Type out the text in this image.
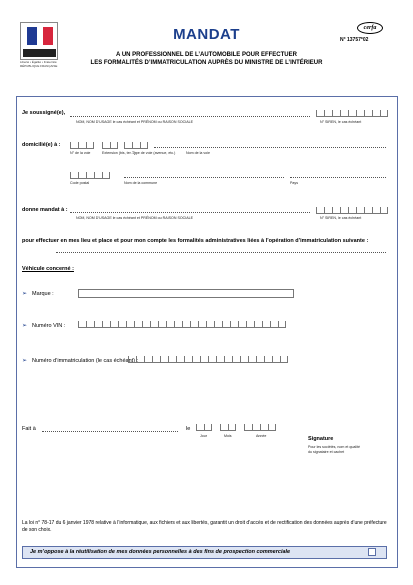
Liberté • Égalité • Fraternité RÉPUBLIQUE FRANÇAISE
MANDAT
A UN PROFESSIONNEL DE L’AUTOMOBILE POUR EFFECTUER
LES FORMALITÉS D’IMMATRICULATION AUPRÈS DU MINISTRE DE L’INTÉRIEUR
cerfa
N° 13757*02
Je soussigné(e),
NOM, NOM D’USAGE le cas échéant et PRÉNOM ou RAISON SOCIALE	N° SIREN, le cas échéant
domicilié(e) à :
N° de la voie	Extension (bis, ter…)
Type de voie (avenue, etc.)	Nom de la voie
Code postal	Nom de la commune	Pays
donne mandat à :
NOM, NOM D’USAGE le cas échéant et PRÉNOM ou RAISON SOCIALE	N° SIREN, le cas échéant
pour effectuer en mes lieu et place et pour mon compte les formalités administratives liées à l’opération d’immatriculation suivante :
Véhicule concerné :
➢ Marque :
➢ Numéro VIN :
➢ Numéro d’immatriculation (le cas échéant) :
Fait à	le
Jour	Mois	Année	Signature
Pour les sociétés, nom et qualité
du signataire et cachet
La loi n° 78-17 du 6 janvier 1978 relative à l’informatique, aux fichiers et aux libertés, garantit un droit d’accès et de rectification des données auprès d’une préfecture de son choix.
Je m’oppose à la réutilisation de mes données personnelles à des fins de prospection commerciale
